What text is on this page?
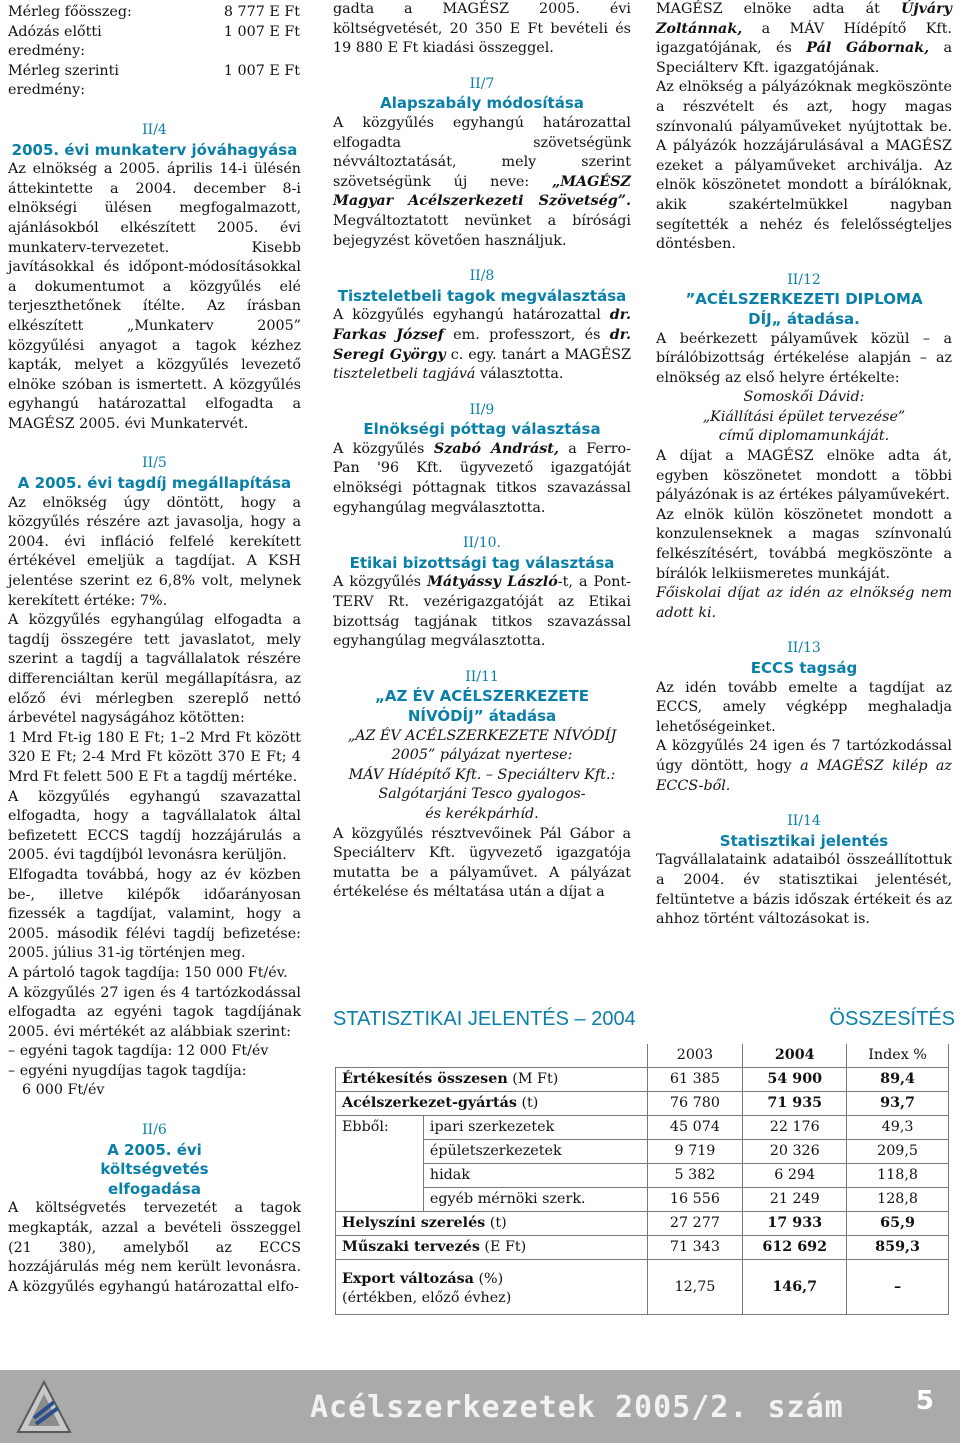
Mérleg főösszeg:	8 777 E Ft
Adózás előtti eredmény:
1 007 E Ft
Mérleg szerinti eredmény:
1 007 E Ft
II/4
2005. évi munkaterv jóváhagyása

Az elnökség a 2005. április 14-i ülésén áttekintette a 2004. december 8-i elnökségi ülésen megfogalmazott, ajánlásokból elkészített 2005. évi munkaterv-tervezetet. Kisebb javításokkal és időpont-módosításokkal a dokumentumot a közgyűlés elé terjeszthetőnek ítélte. Az írásban elkészített „Munkaterv 2005” közgyűlési anyagot a tagok kézhez kapták, melyet a közgyűlés levezető elnöke szóban is ismertett. A közgyűlés egyhangú határozattal elfogadta a MAGÉSZ 2005. évi Munkatervét.

II/5
A 2005. évi tagdíj megállapítása

Az elnökség úgy döntött, hogy a közgyűlés részére azt javasolja, hogy a 2004. évi infláció felfelé kerekített értékével emeljük a tagdíjat. A KSH jelentése szerint ez 6,8% volt, melynek kerekített értéke: 7%.

A közgyűlés egyhangúlag elfogadta a tagdíj összegére tett javaslatot, mely szerint a tagdíj a tagvállalatok részére differenciáltan kerül megállapításra, az előző évi mérlegben szereplő nettó árbevétel nagyságához kötötten:

1 Mrd Ft-ig 180 E Ft; 1–2 Mrd Ft között 320 E Ft; 2-4 Mrd Ft között 370 E Ft; 4 Mrd Ft felett 500 E Ft a tagdíj mértéke.

A közgyűlés egyhangú szavazattal elfogadta, hogy a tagvállalatok által befizetett ECCS tagdíj hozzájárulás a 2005. évi tagdíjból levonásra kerüljön.

Elfogadta továbbá, hogy az év közben be-, illetve kilépők időarányosan fizessék a tagdíjat, valamint, hogy a 2005. második félévi tagdíj befizetése: 2005. július 31-ig történjen meg.

A pártoló tagok tagdíja: 150 000 Ft/év.

A közgyűlés 27 igen és 4 tartózkodással elfogadta az egyéni tagok tagdíjának 2005. évi mértékét az alábbiak szerint:

– egyéni tagok tagdíja: 12 000 Ft/év

– egyéni nyugdíjas tagok tagdíja:

6 000 Ft/év

II/6
A 2005. évi költségvetés elfogadása

A költségvetés tervezetét a tagok megkapták, azzal a bevételi összeggel (21 380), amelyből az ECCS hozzájárulás még nem került levonásra. A közgyűlés egyhangú határozattal elfo-

gadta a MAGÉSZ 2005. évi költségvetését, 20 350 E Ft bevételi és 19 880 E Ft kiadási összeggel.

II/7
Alapszabály módosítása

A közgyűlés egyhangú határozattal elfogadta szövetségünk névváltoztatását, mely szerint szövetségünk új neve: „MAGÉSZ Magyar Acélszerkezeti Szövetség”. Megváltoztatott nevünket a bírósági bejegyzést követően használjuk.

II/8
Tiszteletbeli tagok megválasztása

A közgyűlés egyhangú határozattal dr. Farkas József em. professzort, és dr. Seregi György c. egy. tanárt a MAGÉSZ tiszteletbeli tagjává választotta.

II/9
Elnökségi póttag választása

A közgyűlés Szabó Andrást, a Ferro-Pan '96 Kft. ügyvezető igazgatóját elnökségi póttagnak titkos szavazással egyhangúlag megválasztotta.

II/10.
Etikai bizottsági tag választása

A közgyűlés Mátyássy László-t, a Pont-TERV Rt. vezérigazgatóját az Etikai bizottság tagjának titkos szavazással egyhangúlag megválasztotta.

II/11
„AZ ÉV ACÉLSZERKEZETE
NÍVÓDÍJ” átadása
„AZ ÉV ACÉLSZERKEZETE NÍVÓDÍJ
2005” pályázat nyertese:
MÁV Hídépítő Kft. – Speciálterv Kft.:
Salgótarjáni Tesco gyalogos-
és kerékpárhíd.

A közgyűlés résztvevőinek Pál Gábor a Speciálterv Kft. ügyvezető igazgatója mutatta be a pályaművet. A pályázat értékelése és méltatása után a díjat a

MAGÉSZ elnöke adta át Újváry Zoltánnak, a MÁV Hídépítő Kft. igazgatójának, és Pál Gábornak, a Speciálterv Kft. igazgatójának.

Az elnökség a pályázóknak megköszönte a részvételt és azt, hogy magas színvonalú pályaműveket nyújtottak be. A pályázók hozzájárulásával a MAGÉSZ ezeket a pályaműveket archiválja. Az elnök köszönetet mondott a bírálóknak, akik szakértelmükkel nagyban segítették a nehéz és felelősségteljes döntésben.

II/12
”ACÉLSZERKEZETI DIPLOMA
DÍJ„ átadása.

A beérkezett pályaművek közül – a bírálóbizottság értékelése alapján – az elnökség az első helyre értékelte:

Somoskői Dávid:
„Kiállítási épület tervezése”
című diplomamunkáját.

A díjat a MAGÉSZ elnöke adta át, egyben köszönetet mondott a többi pályázónak is az értékes pályaművekért.

Az elnök külön köszönetet mondott a konzulenseknek a magas színvonalú felkészítésért, továbbá megköszönte a bírálók lelkiismeretes munkáját.

Főiskolai díjat az idén az elnökség nem adott ki.

II/13
ECCS tagság

Az idén tovább emelte a tagdíjat az ECCS, amely végképp meghaladja lehetőségeinket.

A közgyűlés 24 igen és 7 tartózkodással úgy döntött, hogy a MAGÉSZ kilép az ECCS-ből.

II/14
Statisztikai jelentés

Tagvállalataink adataiból összeállítottuk a 2004. év statisztikai jelentését, feltüntetve a bázis időszak értékeit és az ahhoz történt változásokat is.

STATISZTIKAI JELENTÉS – 2004	ÖSSZESÍTÉS
		2003	2004	Index %
Értékesítés összesen (M Ft)		61 385	54 900	89,4
Acélszerkezet-gyártás (t)		76 780	71 935	93,7
Ebből:	ipari szerkezetek	45 074	22 176	49,3
	épületszerkezetek	9 719	20 326	209,5
	hidak	5 382	6 294	118,8
	egyéb mérnöki szerk.	16 556	21 249	128,8
Helyszíni szerelés (t)		27 277	17 933	65,9
Műszaki tervezés (E Ft)		71 343	612 692	859,3

Export változása (%)
(értékben, előző évhez)		12,75	146,7	–
Acélszerkezetek 2005/2. szám	5
